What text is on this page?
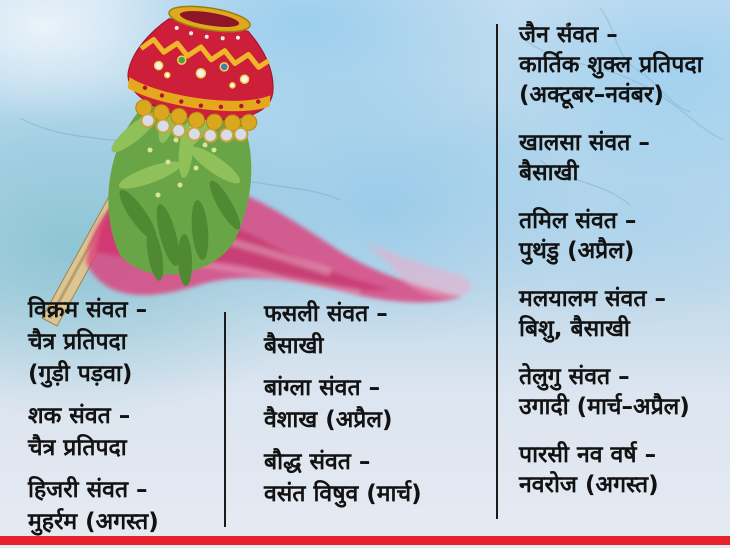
विक्रम संवत –
चैत्र प्रतिपदा
(गुड़ी पड़वा)
शक संवत –
चैत्र प्रतिपदा
हिजरी संवत –
मुहर्रम (अगस्त)
फसली संवत –
बैसाखी
बांग्ला संवत –
वैशाख (अप्रैल)
बौद्ध संवत –
वसंत विषुव (मार्च)
जैन संवत –
कार्तिक शुक्ल प्रतिपदा
(अक्टूबर–नवंबर)
खालसा संवत –
बैसाखी
तमिल संवत –
पुथंडु (अप्रैल)
मलयालम संवत –
बिशु, बैसाखी
तेलुगु संवत –
उगादी (मार्च–अप्रैल)
पारसी नव वर्ष –
नवरोज (अगस्त)
